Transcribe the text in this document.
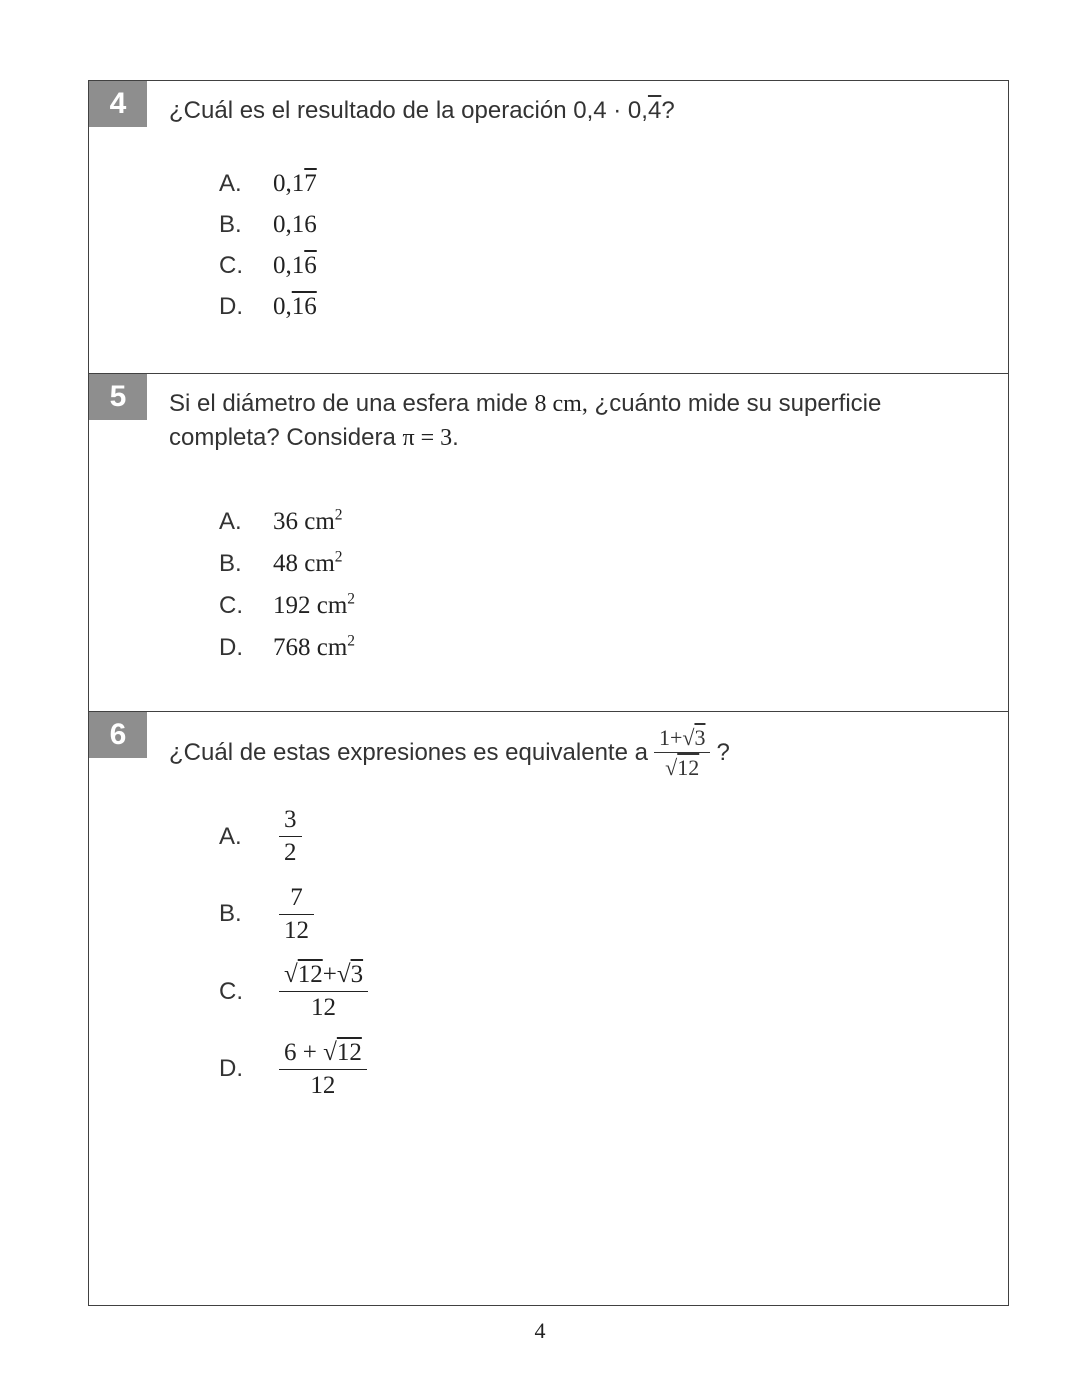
4	¿Cuál es el resultado de la operación 0,4 · 0,4?

A.	0,17
B.	0,16
C.	0,16
D.	0,16
5	Si el diámetro de una esfera mide 8 cm, ¿cuánto mide su superficie completa? Considera π = 3.

A.	36 $cm^2$
B.	48 $cm^2$
C.	192 $cm^2$
D.	768 $cm^2$
6

¿Cuál de estas expresiones es equivalente a $\frac{1+√3}{√12}$ ?

A.	$\frac{3}{2}$
B.	$\frac{7}{12}$
C.	$\frac{√12+√3}{12}$
D.	$\frac{6 + √12}{12}$
4
